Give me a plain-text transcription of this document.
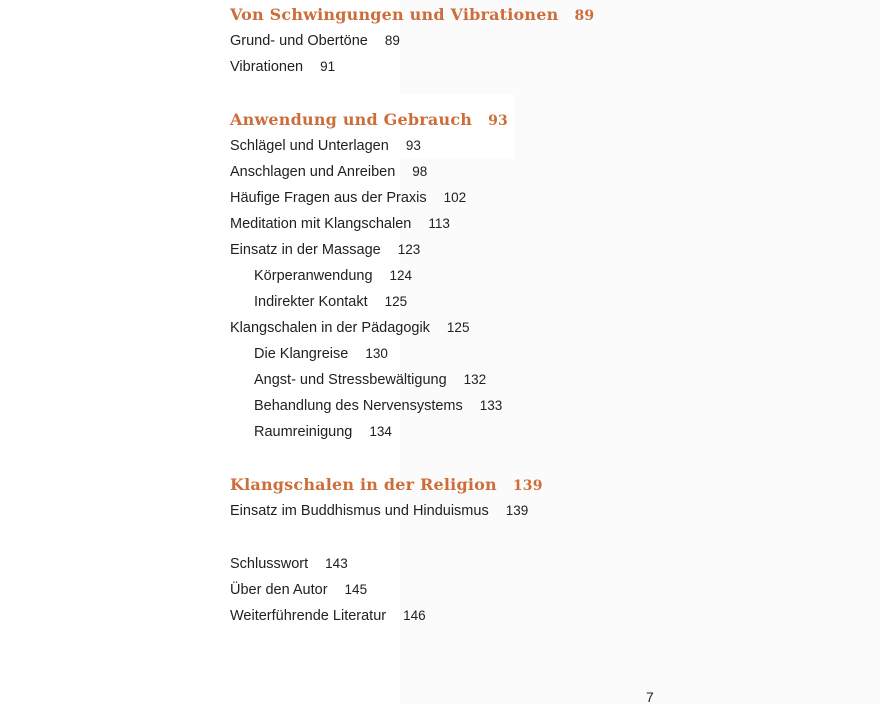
Von Schwingungen und Vibrationen 89
Grund- und Obertöne 89
Vibrationen 91
Anwendung und Gebrauch 93
Schlägel und Unterlagen 93
Anschlagen und Anreiben 98
Häufige Fragen aus der Praxis 102
Meditation mit Klangschalen 113
Einsatz in der Massage 123
Körperanwendung 124
Indirekter Kontakt 125
Klangschalen in der Pädagogik 125
Die Klangreise 130
Angst- und Stressbewältigung 132
Behandlung des Nervensystems 133
Raumreinigung 134
Klangschalen in der Religion 139
Einsatz im Buddhismus und Hinduismus 139
Schlusswort 143
Über den Autor 145
Weiterführende Literatur 146
7
